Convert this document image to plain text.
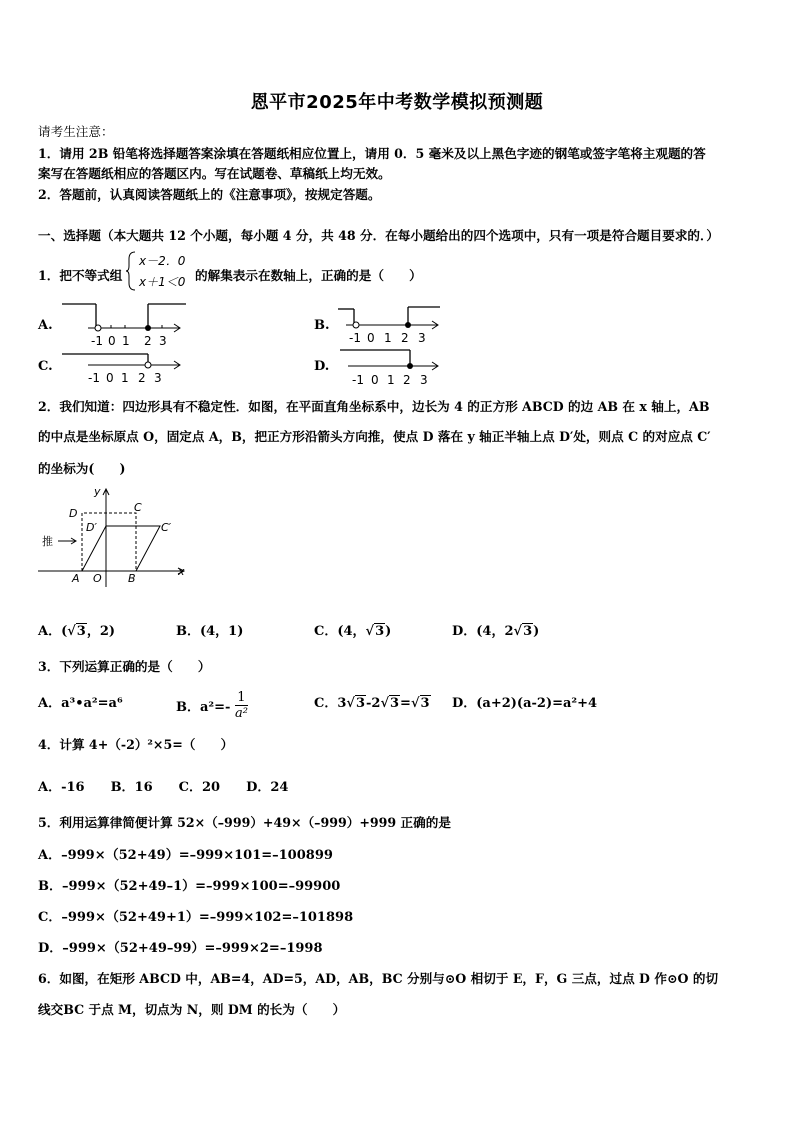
恩平市2025年中考数学模拟预测题
请考生注意：
1．请用 2B 铅笔将选择题答案涂填在答题纸相应位置上，请用 0．5 毫米及以上黑色字迹的钢笔或签字笔将主观题的答
案写在答题纸相应的答题区内。写在试题卷、草稿纸上均无效。
2．答题前，认真阅读答题纸上的《注意事项》，按规定答题。
一、选择题（本大题共 12 个小题，每小题 4 分，共 48 分．在每小题给出的四个选项中，只有一项是符合题目要求的．）
1．把不等式组
x－2．0
x＋1＜0 的解集表示在数轴上，正确的是（　　）
A.
-1 0 1 2 3
B.
-1 0 1 2 3
C.
-1 0 1 2 3
D.
-1 0 1 2 3
2．我们知道：四边形具有不稳定性．如图，在平面直角坐标系中，边长为 4 的正方形 ABCD 的边 AB 在 x 轴上，AB
的中点是坐标原点 O，固定点 A，B，把正方形沿箭头方向推，使点 D 落在 y 轴正半轴上点 D′处，则点 C 的对应点 C′
的坐标为(　　)
y
x
D	C
D′	C′
推
A O B
A．(√3，2)	B．(4，1)	C．(4，√3)	D．(4，2√3)
3．下列运算正确的是（　　）
A．a³•a²=a⁶	B．$a^2=- \frac{1}{\text{a²}}$	C．3√3-2√3=√3 D．(a+2)(a-2)=a²+4
4．计算 4+（-2）²×5=（　　）
A．-16　　B．16　　C．20　　D．24
5．利用运算律简便计算 52×（–999）+49×（–999）+999 正确的是
A．–999×（52+49）=–999×101=–100899
B．–999×（52+49–1）=–999×100=–99900
C．–999×（52+49+1）=–999×102=–101898
D．–999×（52+49–99）=–999×2=–1998
6．如图，在矩形 ABCD 中，AB=4，AD=5，AD，AB，BC 分别与⊙O 相切于 E，F，G 三点，过点 D 作⊙O 的切
线交BC 于点 M，切点为 N，则 DM 的长为（　　）
